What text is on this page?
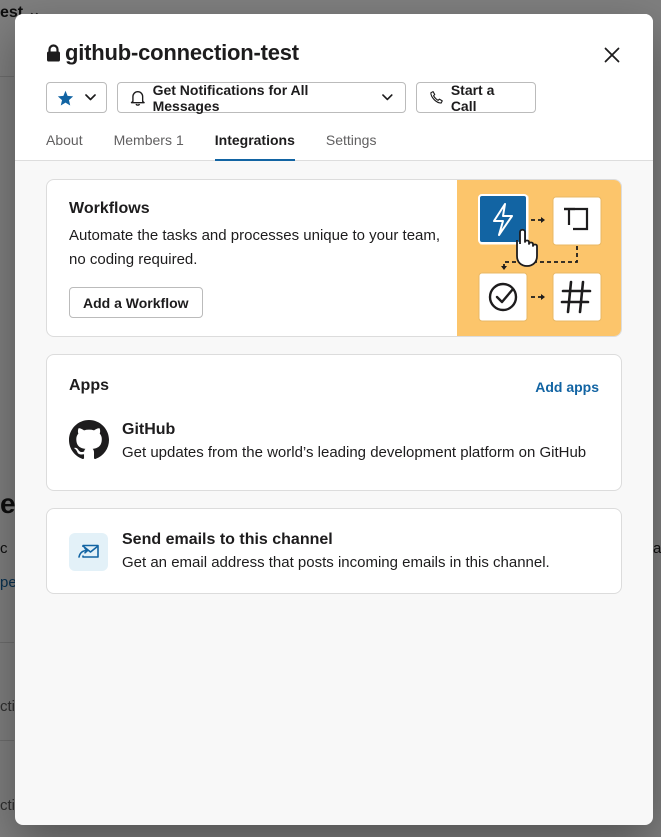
github-connection-test
Get Notifications for All Messages
Start a Call
About Members 1 Integrations Settings
Workflows
Automate the tasks and processes unique to your team, no coding required.
Add a Workflow
Apps	Add apps
GitHub
Get updates from the world’s leading development platform on GitHub
Send emails to this channel
Get an email address that posts incoming emails in this channel.
